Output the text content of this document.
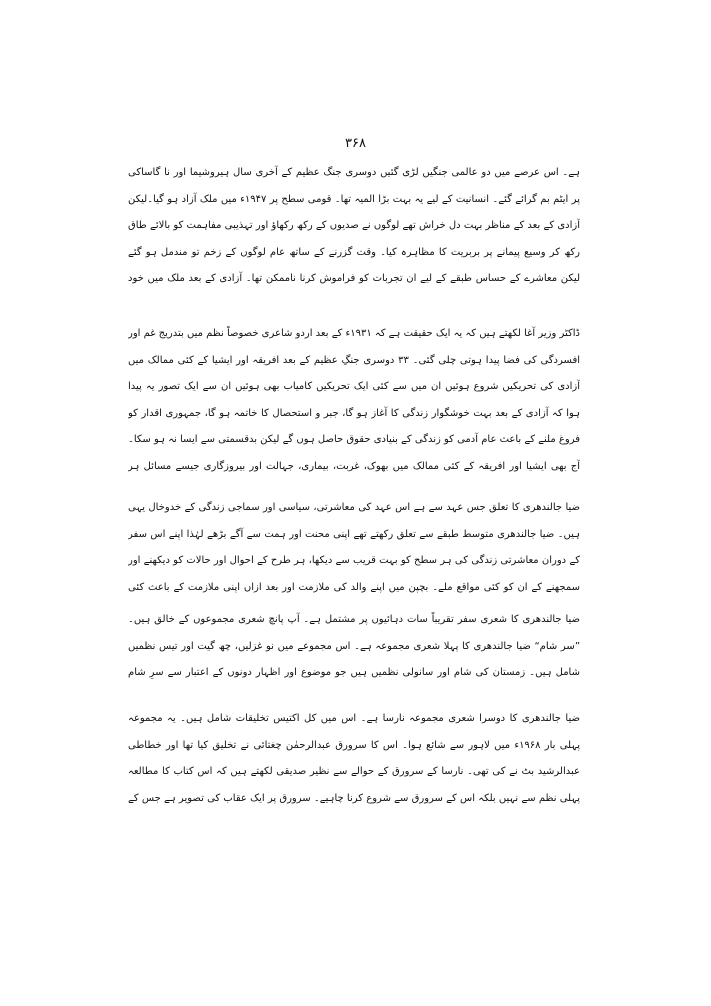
۳۶۸

ہے۔ اس عرصے میں دو عالمی جنگیں لڑی گئیں دوسری جنگ عظیم کے آخری سال ہیروشیما اور نا گاساکی پر ایٹم بم گرائے گئے۔ انسانیت کے لیے یہ بہت بڑا المیہ تھا۔ قومی سطح پر ۱۹۴۷ء میں ملک آزاد ہو گیا۔لیکن آزادی کے بعد کے مناظر بہت دل خراش تھے لوگوں نے صدیوں کے رکھ رکھاؤ اور تہذیبی مفاہمت کو بالائے طاق رکھ کر وسیع پیمانے پر بربریت کا مظاہرہ کیا۔ وقت گزرنے کے ساتھ عام لوگوں کے زخم تو مندمل ہو گئے لیکن معاشرے کے حساس طبقے کے لیے ان تجربات کو فراموش کرنا ناممکن تھا۔ آزادی کے بعد ملک میں خود

ڈاکٹر وزیر آغا لکھتے ہیں کہ یہ ایک حقیقت ہے کہ ۱۹۳۱ء کے بعد اردو شاعری خصوصاً نظم میں بتدریج غم اور افسردگی کی فضا پیدا ہوتی چلی گئی۔ ۳۳ دوسری جنگِ عظیم کے بعد افریقہ اور ایشیا کے کئی ممالک میں آزادی کی تحریکیں شروع ہوئیں ان میں سے کئی ایک تحریکیں کامیاب بھی ہوئیں ان سے ایک تصور یہ پیدا ہوا کہ آزادی کے بعد بہت خوشگوار زندگی کا آغاز ہو گا، جبر و استحصال کا خاتمہ ہو گا، جمہوری اقدار کو فروغ ملنے کے باعث عام آدمی کو زندگی کے بنیادی حقوق حاصل ہوں گے لیکن بدقسمتی سے ایسا نہ ہو سکا۔ آج بھی ایشیا اور افریقہ کے کئی ممالک میں بھوک، غربت، بیماری، جہالت اور بیروزگاری جیسے مسائل ہر

ضیا جالندھری کا تعلق جس عہد سے ہے اس عہد کی معاشرتی، سیاسی اور سماجی زندگی کے خدوخال یہی ہیں۔ ضیا جالندھری متوسط طبقے سے تعلق رکھتے تھے اپنی محنت اور ہمت سے آگے بڑھے لہٰذا اپنے اس سفر کے دوران معاشرتی زندگی کی ہر سطح کو بہت قریب سے دیکھا، ہر طرح کے احوال اور حالات کو دیکھنے اور سمجھنے کے ان کو کئی مواقع ملے۔ بچپن میں اپنے والد کی ملازمت اور بعد ازاں اپنی ملازمت کے باعث کئی

ضیا جالندھری کا شعری سفر تقریباً سات دہائیوں پر مشتمل ہے۔ آپ پانچ شعری مجموعوں کے خالق ہیں۔ ”سر شام“ ضیا جالندھری کا پہلا شعری مجموعہ ہے۔ اس مجموعے میں نو غزلیں، چھ گیت اور تیس نظمیں شامل ہیں۔ زمستان کی شام اور سانولی نظمیں ہیں جو موضوع اور اظہار دونوں کے اعتبار سے سرِ شام

ضیا جالندھری کا دوسرا شعری مجموعہ نارسا ہے۔ اس میں کل اکتیس تخلیقات شامل ہیں۔ یہ مجموعہ پہلی بار ۱۹۶۸ء میں لاہور سے شائع ہوا۔ اس کا سرورق عبدالرحمٰن چغتائی نے تخلیق کیا تھا اور خطاطی عبدالرشید بٹ نے کی تھی۔ نارسا کے سرورق کے حوالے سے نظیر صدیقی لکھتے ہیں کہ اس کتاب کا مطالعہ پہلی نظم سے نہیں بلکہ اس کے سرورق سے شروع کرنا چاہیے۔ سرورق پر ایک عقاب کی تصویر ہے جس کے
